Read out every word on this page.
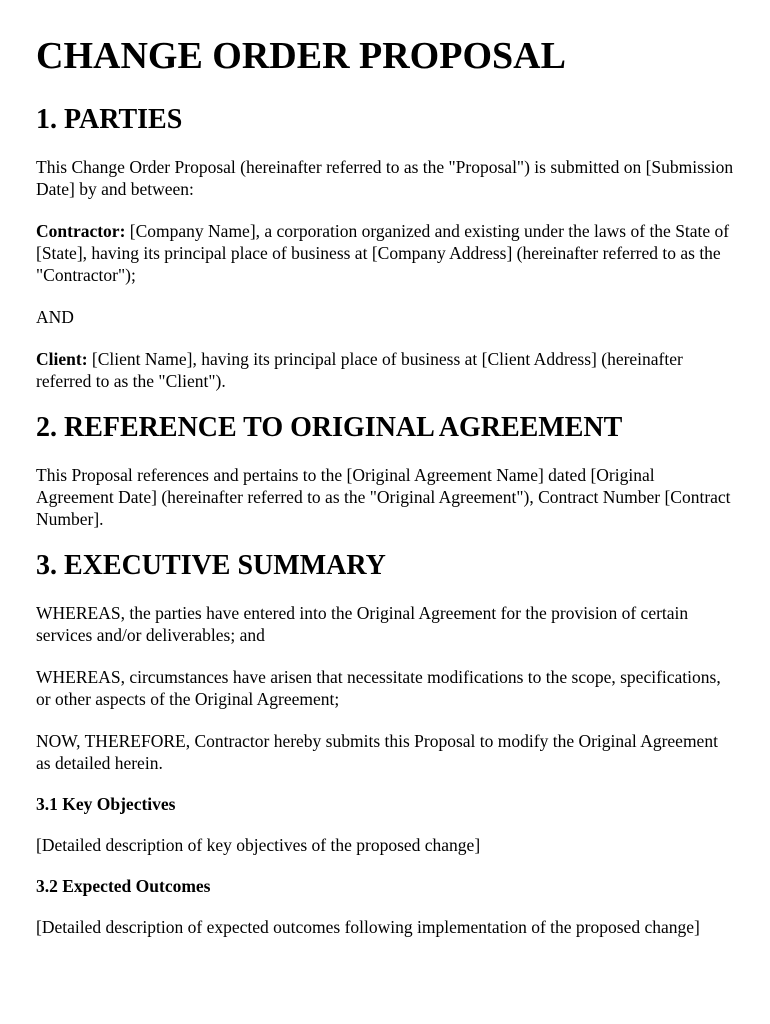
CHANGE ORDER PROPOSAL
1. PARTIES

This Change Order Proposal (hereinafter referred to as the "Proposal") is submitted on [Submission Date] by and between:

Contractor: [Company Name], a corporation organized and existing under the laws of the State of [State], having its principal place of business at [Company Address] (hereinafter referred to as the "Contractor");

AND

Client: [Client Name], having its principal place of business at [Client Address] (hereinafter referred to as the "Client").

2. REFERENCE TO ORIGINAL AGREEMENT

This Proposal references and pertains to the [Original Agreement Name] dated [Original Agreement Date] (hereinafter referred to as the "Original Agreement"), Contract Number [Contract Number].

3. EXECUTIVE SUMMARY

WHEREAS, the parties have entered into the Original Agreement for the provision of certain services and/or deliverables; and

WHEREAS, circumstances have arisen that necessitate modifications to the scope, specifications, or other aspects of the Original Agreement;

NOW, THEREFORE, Contractor hereby submits this Proposal to modify the Original Agreement as detailed herein.

3.1 Key Objectives

[Detailed description of key objectives of the proposed change]

3.2 Expected Outcomes

[Detailed description of expected outcomes following implementation of the proposed change]
